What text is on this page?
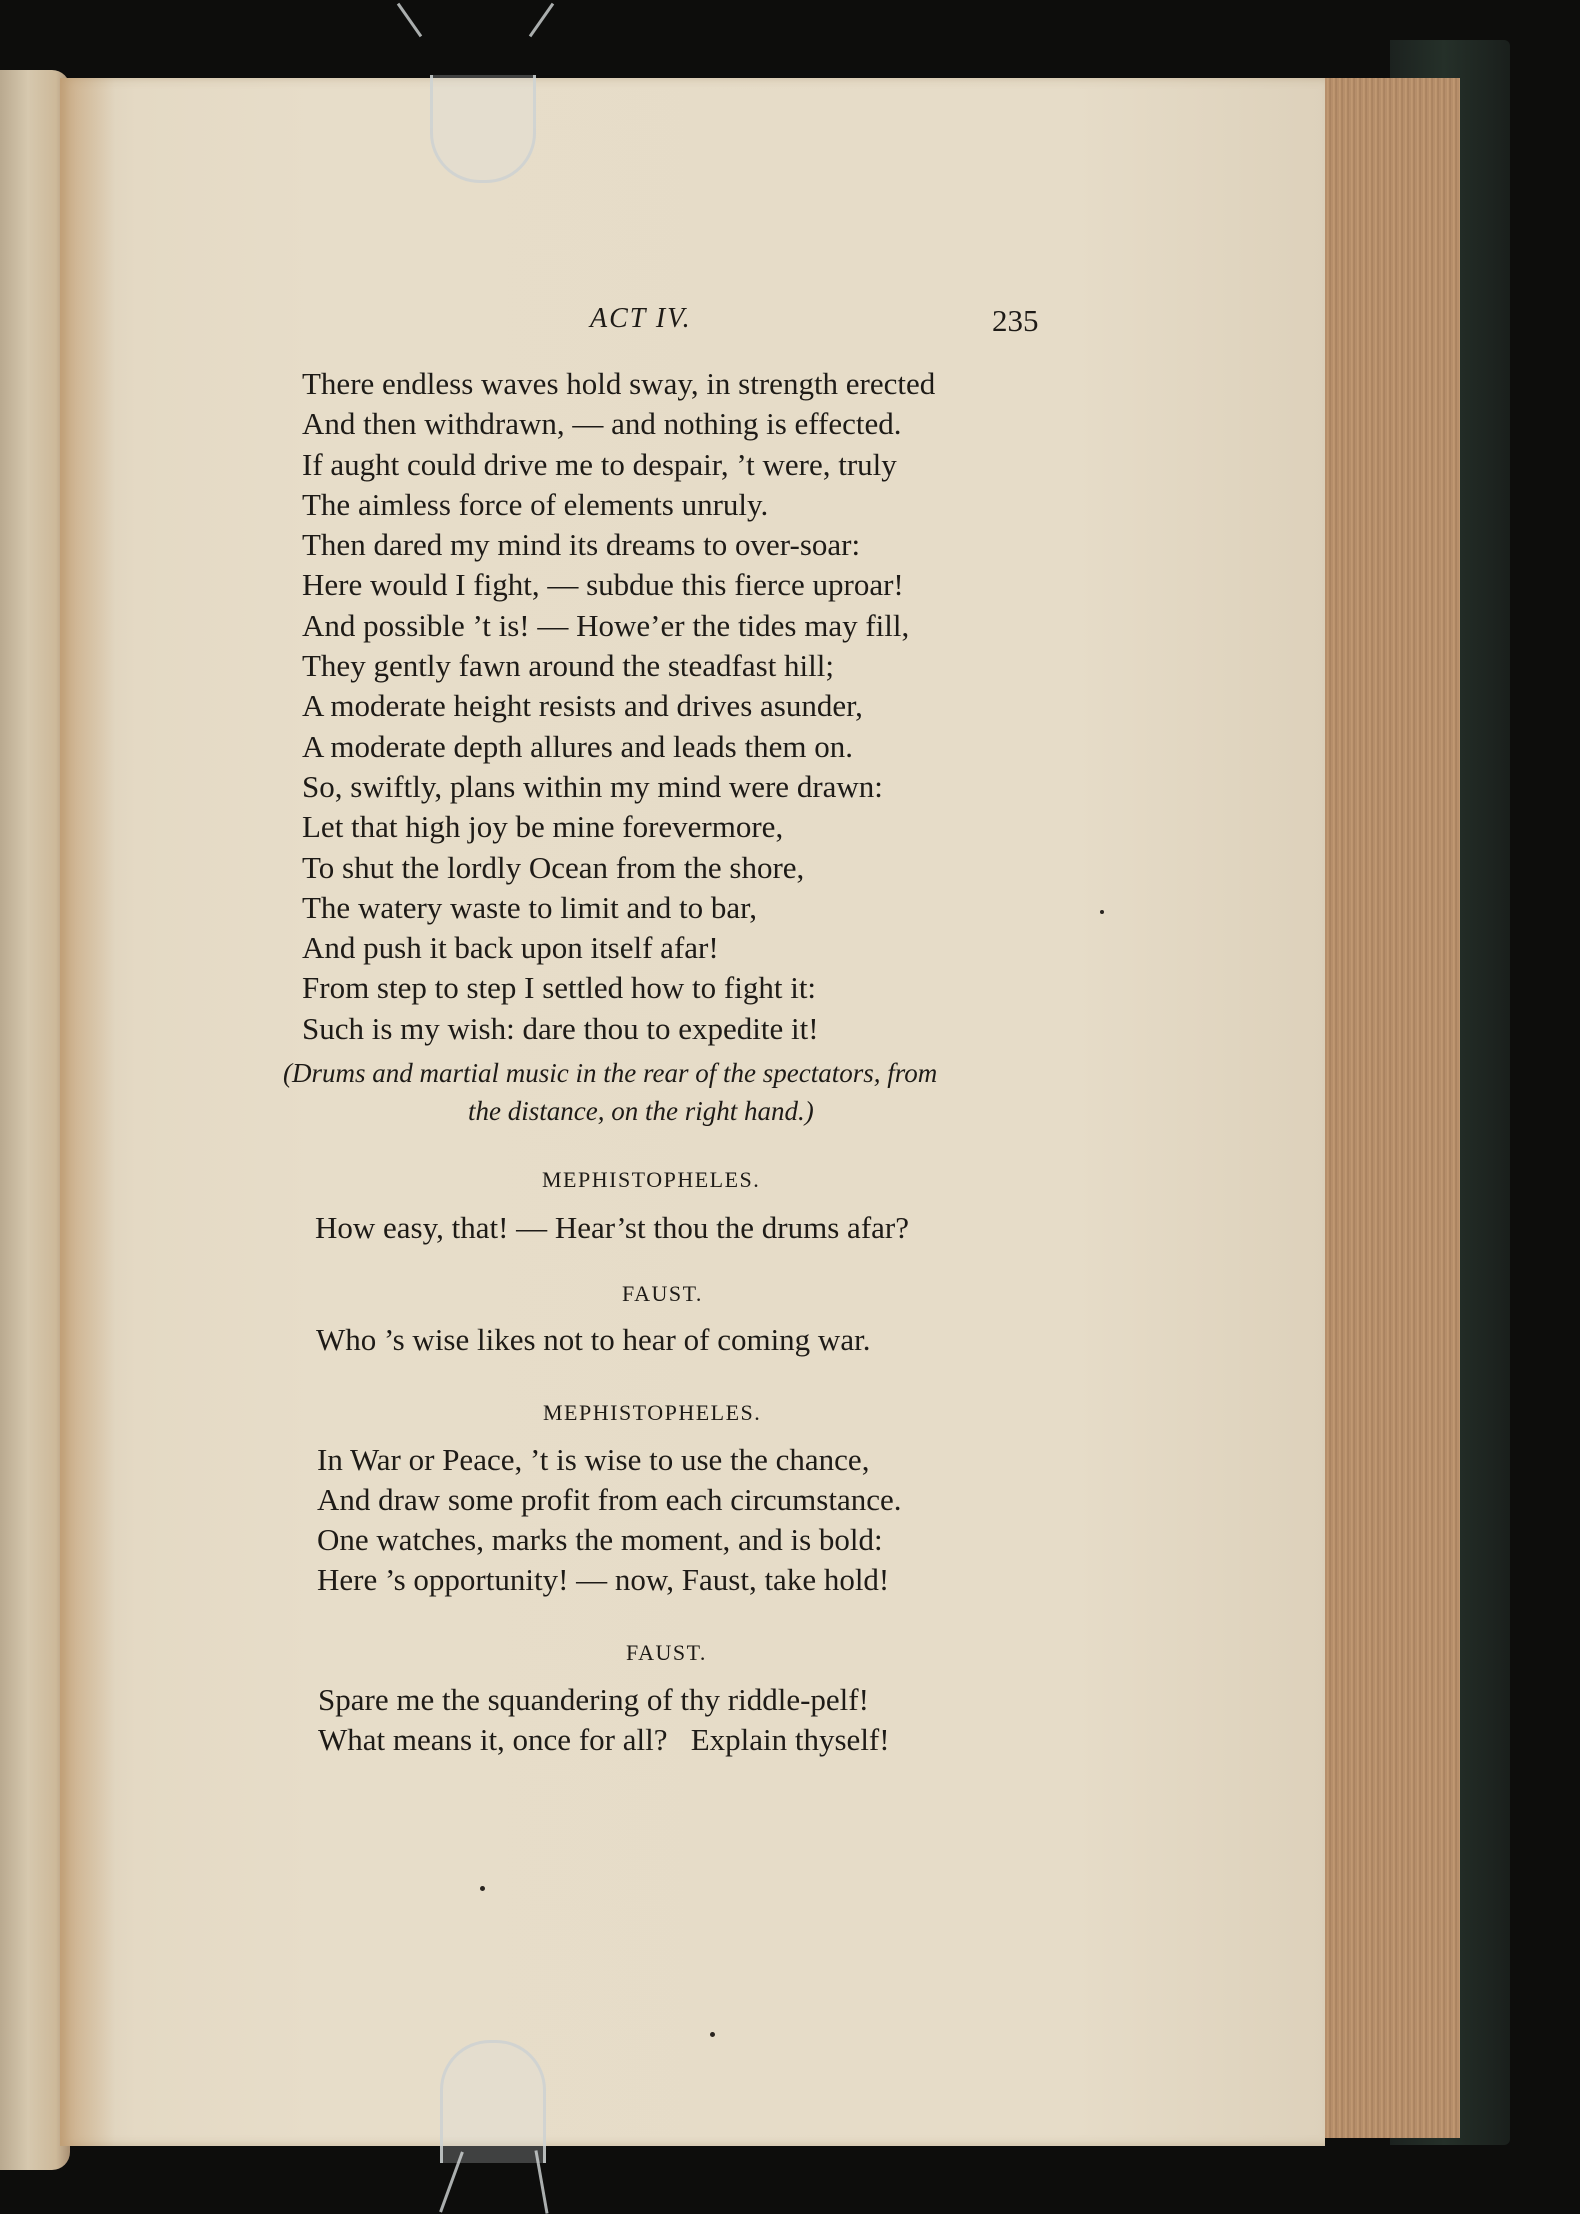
ACT IV.	235
There endless waves hold sway, in strength erected
And then withdrawn, — and nothing is effected.
If aught could drive me to despair, ’t were, truly
The aimless force of elements unruly.
Then dared my mind its dreams to over-soar:
Here would I fight, — subdue this fierce uproar!
And possible ’t is! — Howe’er the tides may fill,
They gently fawn around the steadfast hill;
A moderate height resists and drives asunder,
A moderate depth allures and leads them on.
So, swiftly, plans within my mind were drawn:
Let that high joy be mine forevermore,
To shut the lordly Ocean from the shore,
The watery waste to limit and to bar,
And push it back upon itself afar!
From step to step I settled how to fight it:
Such is my wish: dare thou to expedite it!
(Drums and martial music in the rear of the spectators, from
the distance, on the right hand.)
MEPHISTOPHELES.
How easy, that! — Hear’st thou the drums afar?
FAUST.
Who ’s wise likes not to hear of coming war.
MEPHISTOPHELES.
In War or Peace, ’t is wise to use the chance,
And draw some profit from each circumstance.
One watches, marks the moment, and is bold:
Here ’s opportunity! — now, Faust, take hold!
FAUST.
Spare me the squandering of thy riddle-pelf!
What means it, once for all?   Explain thyself!
